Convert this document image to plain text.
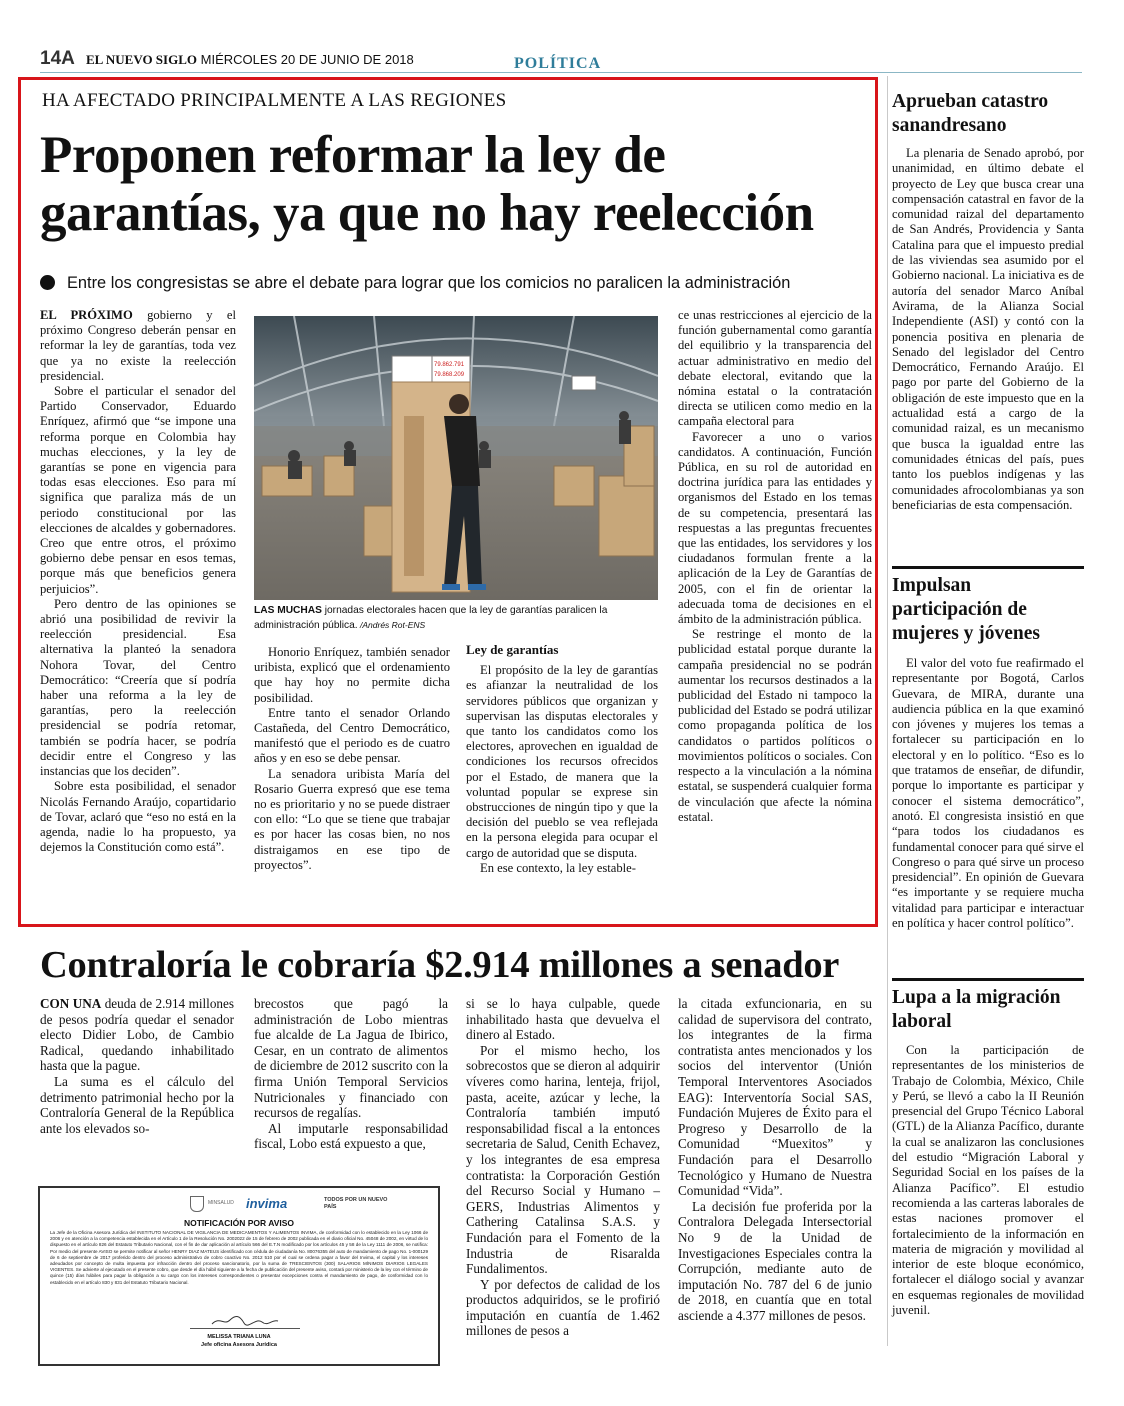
14A EL NUEVO SIGLO MIÉRCOLES 20 DE JUNIO DE 2018	POLÍTICA
HA AFECTADO PRINCIPALMENTE A LAS REGIONES
Proponen reformar la ley de
garantías, ya que no hay reelección
Entre los congresistas se abre el debate para lograr que los comicios no paralicen la administración

EL PRÓXIMO gobierno y el próximo Congreso deberán pensar en reformar la ley de garantías, toda vez que ya no existe la reelección presidencial.

Sobre el particular el senador del Partido Conservador, Eduardo Enríquez, afirmó que “se impone una reforma porque en Colombia hay muchas elecciones, y la ley de garantías se pone en vigencia para todas esas elecciones. Eso para mí significa que paraliza más de un periodo constitucional por las elecciones de alcaldes y gobernadores. Creo que entre otros, el próximo gobierno debe pensar en esos temas, porque más que beneficios genera perjuicios”.

Pero dentro de las opiniones se abrió una posibilidad de revivir la reelección presidencial. Esa alternativa la planteó la senadora Nohora Tovar, del Centro Democrático: “Creería que sí podría haber una reforma a la ley de garantías, pero la reelección presidencial se podría retomar, también se podría hacer, se podría decidir entre el Congreso y las instancias que los deciden”.

Sobre esta posibilidad, el senador Nicolás Fernando Araújo, copartidario de Tovar, aclaró que “eso no está en la agenda, nadie lo ha propuesto, ya dejemos la Constitución como está”.

79.862.791
79.868.209
LAS MUCHAS jornadas electorales hacen que la ley de garantías paralicen la administración pública. /Andrés Rot-ENS

Honorio Enríquez, también senador uribista, explicó que el ordenamiento que hay hoy no permite dicha posibilidad.

Entre tanto el senador Orlando Castañeda, del Centro Democrático, manifestó que el periodo es de cuatro años y en eso se debe pensar.

La senadora uribista María del Rosario Guerra expresó que ese tema no es prioritario y no se puede distraer con ello: “Lo que se tiene que trabajar es por hacer las cosas bien, no nos distraigamos en ese tipo de proyectos”.

Ley de garantías

El propósito de la ley de garantías es afianzar la neutralidad de los servidores públicos que organizan y supervisan las disputas electorales y que tanto los candidatos como los electores, aprovechen en igualdad de condiciones los recursos ofrecidos por el Estado, de manera que la voluntad popular se exprese sin obstrucciones de ningún tipo y que la decisión del pueblo se vea reflejada en la persona elegida para ocupar el cargo de autoridad que se disputa.

En ese contexto, la ley estable-

ce unas restricciones al ejercicio de la función gubernamental como garantía del equilibrio y la transparencia del actuar administrativo en medio del debate electoral, evitando que la nómina estatal o la contratación directa se utilicen como medio en la campaña electoral para

Favorecer a uno o varios candidatos. A continuación, Función Pública, en su rol de autoridad en doctrina jurídica para las entidades y organismos del Estado en los temas de su competencia, presentará las respuestas a las preguntas frecuentes que las entidades, los servidores y los ciudadanos formulan frente a la aplicación de la Ley de Garantías de 2005, con el fin de orientar la adecuada toma de decisiones en el ámbito de la administración pública.

Se restringe el monto de la publicidad estatal porque durante la campaña presidencial no se podrán aumentar los recursos destinados a la publicidad del Estado ni tampoco la publicidad del Estado se podrá utilizar como propaganda política de los candidatos o partidos políticos o movimientos políticos o sociales. Con respecto a la vinculación a la nómina estatal, se suspenderá cualquier forma de vinculación que afecte la nómina estatal.

Aprueban catastro sanandresano

La plenaria de Senado aprobó, por unanimidad, en último debate el proyecto de Ley que busca crear una compensación catastral en favor de la comunidad raizal del departamento de San Andrés, Providencia y Santa Catalina para que el impuesto predial de las viviendas sea asumido por el Gobierno nacional. La iniciativa es de autoría del senador Marco Aníbal Avirama, de la Alianza Social Independiente (ASI) y contó con la ponencia positiva en plenaria de Senado del legislador del Centro Democrático, Fernando Araújo. El pago por parte del Gobierno de la obligación de este impuesto que en la actualidad está a cargo de la comunidad raizal, es un mecanismo que busca la igualdad entre las comunidades étnicas del país, pues tanto los pueblos indígenas y las comunidades afrocolombianas ya son beneficiarias de esta compensación.

Impulsan participación de mujeres y jóvenes

El valor del voto fue reafirmado el representante por Bogotá, Carlos Guevara, de MIRA, durante una audiencia pública en la que examinó con jóvenes y mujeres los temas a fortalecer su participación en lo electoral y en lo político. “Eso es lo que tratamos de enseñar, de difundir, porque lo importante es participar y conocer el sistema democrático”, anotó. El congresista insistió en que “para todos los ciudadanos es fundamental conocer para qué sirve el Congreso o para qué sirve un proceso presidencial”. En opinión de Guevara “es importante y se requiere mucha vitalidad para participar e interactuar en política y hacer control político”.

Lupa a la migración laboral

Con la participación de representantes de los ministerios de Trabajo de Colombia, México, Chile y Perú, se llevó a cabo la II Reunión presencial del Grupo Técnico Laboral (GTL) de la Alianza Pacífico, durante la cual se analizaron las conclusiones del estudio “Migración Laboral y Seguridad Social en los países de la Alianza Pacífico”. El estudio recomienda a las carteras laborales de estas naciones promover el fortalecimiento de la información en materia de migración y movilidad al interior de este bloque económico, fortalecer el diálogo social y avanzar en esquemas regionales de movilidad juvenil.

Contraloría le cobraría $2.914 millones a senador

CON UNA deuda de 2.914 millones de pesos podría quedar el senador electo Didier Lobo, de Cambio Radical, quedando inhabilitado hasta que la pague.

La suma es el cálculo del detrimento patrimonial hecho por la Contraloría General de la República ante los elevados so-

brecostos que pagó la administración de Lobo mientras fue alcalde de La Jagua de Ibirico, Cesar, en un contrato de alimentos de diciembre de 2012 suscrito con la firma Unión Temporal Servicios Nutricionales y financiado con recursos de regalías.

Al imputarle responsabilidad fiscal, Lobo está expuesto a que,

si se lo haya culpable, quede inhabilitado hasta que devuelva el dinero al Estado.

Por el mismo hecho, los sobrecostos que se dieron al adquirir víveres como harina, lenteja, frijol, pasta, aceite, azúcar y leche, la Contraloría también imputó responsabilidad fiscal a la entonces secretaria de Salud, Cenith Echavez, y los integrantes de esa empresa contratista: la Corporación Gestión del Recurso Social y Humano –GERS, Industrias Alimentos y Cathering Catalinsa S.A.S. y Fundación para el Fomento de la Industria de Risaralda Fundalimentos.

Y por defectos de calidad de los productos adquiridos, se le profirió imputación en cuantía de 1.462 millones de pesos a

la citada exfuncionaria, en su calidad de supervisora del contrato, los integrantes de la firma contratista antes mencionados y los socios del interventor (Unión Temporal Interventores Asociados EAG): Interventoría Social SAS, Fundación Mujeres de Éxito para el Progreso y Desarrollo de la Comunidad “Muexitos” y Fundación para el Desarrollo Tecnológico y Humano de Nuestra Comunidad “Vida”.

La decisión fue proferida por la Contralora Delegada Intersectorial No 9 de la Unidad de Investigaciones Especiales contra la Corrupción, mediante auto de imputación No. 787 del 6 de junio de 2018, en cuantía que en total asciende a 4.377 millones de pesos.

MINSALUD invima	TODOS POR UN NUEVO PAÍS
NOTIFICACIÓN POR AVISO
La Jefe de la Oficina Asesora Jurídica del INSTITUTO NACIONAL DE VIGILANCIA DE MEDICAMENTOS Y ALIMENTOS INVIMA, de conformidad con lo establecido en la Ley 1066 de 2006 y en atención a la competencia establecida en el Artículo 1 de la Resolución No. 2002022 de 15 de febrero de 2002 publicada en el diario oficial No. 45048 de 2002, en virtud de lo dispuesto en el artículo 826 del Estatuto Tributario Nacional, con el fin de dar aplicación al artículo 566 del E.T.N modificado por los artículos 45 y 58 de la Ley 1111 de 2006, se notifica: Por medio del presente AVISO se permite notificar al señor HENRY DIAZ MATEUS identificado con cédula de ciudadanía No. 80076355 del auto de mandamiento de pago No. 1-000129 de 6 de septiembre de 2017 proferido dentro del proceso administrativo de cobro coactivo No. 2012 510 por el cual se ordena pagar a favor del Invima, el capital y los intereses adeudados por concepto de multa impuesta por infracción dentro del proceso sancionatorio, por la suma de TRESCIENTOS (300) SALARIOS MÍNIMOS DIARIOS LEGALES VIGENTES. Se advierte al ejecutado en el presente cobro, que desde el día hábil siguiente a la fecha de publicación del presente aviso, contará por ministerio de la ley con el término de quince (15) días hábiles para pagar la obligación a su cargo con los intereses correspondientes o presentar excepciones contra el mandamiento de pago, de conformidad con lo establecido en el artículo 830 y 831 del Estatuto Tributario Nacional.
MELISSA TRIANA LUNA
Jefe oficina Asesora Jurídica
